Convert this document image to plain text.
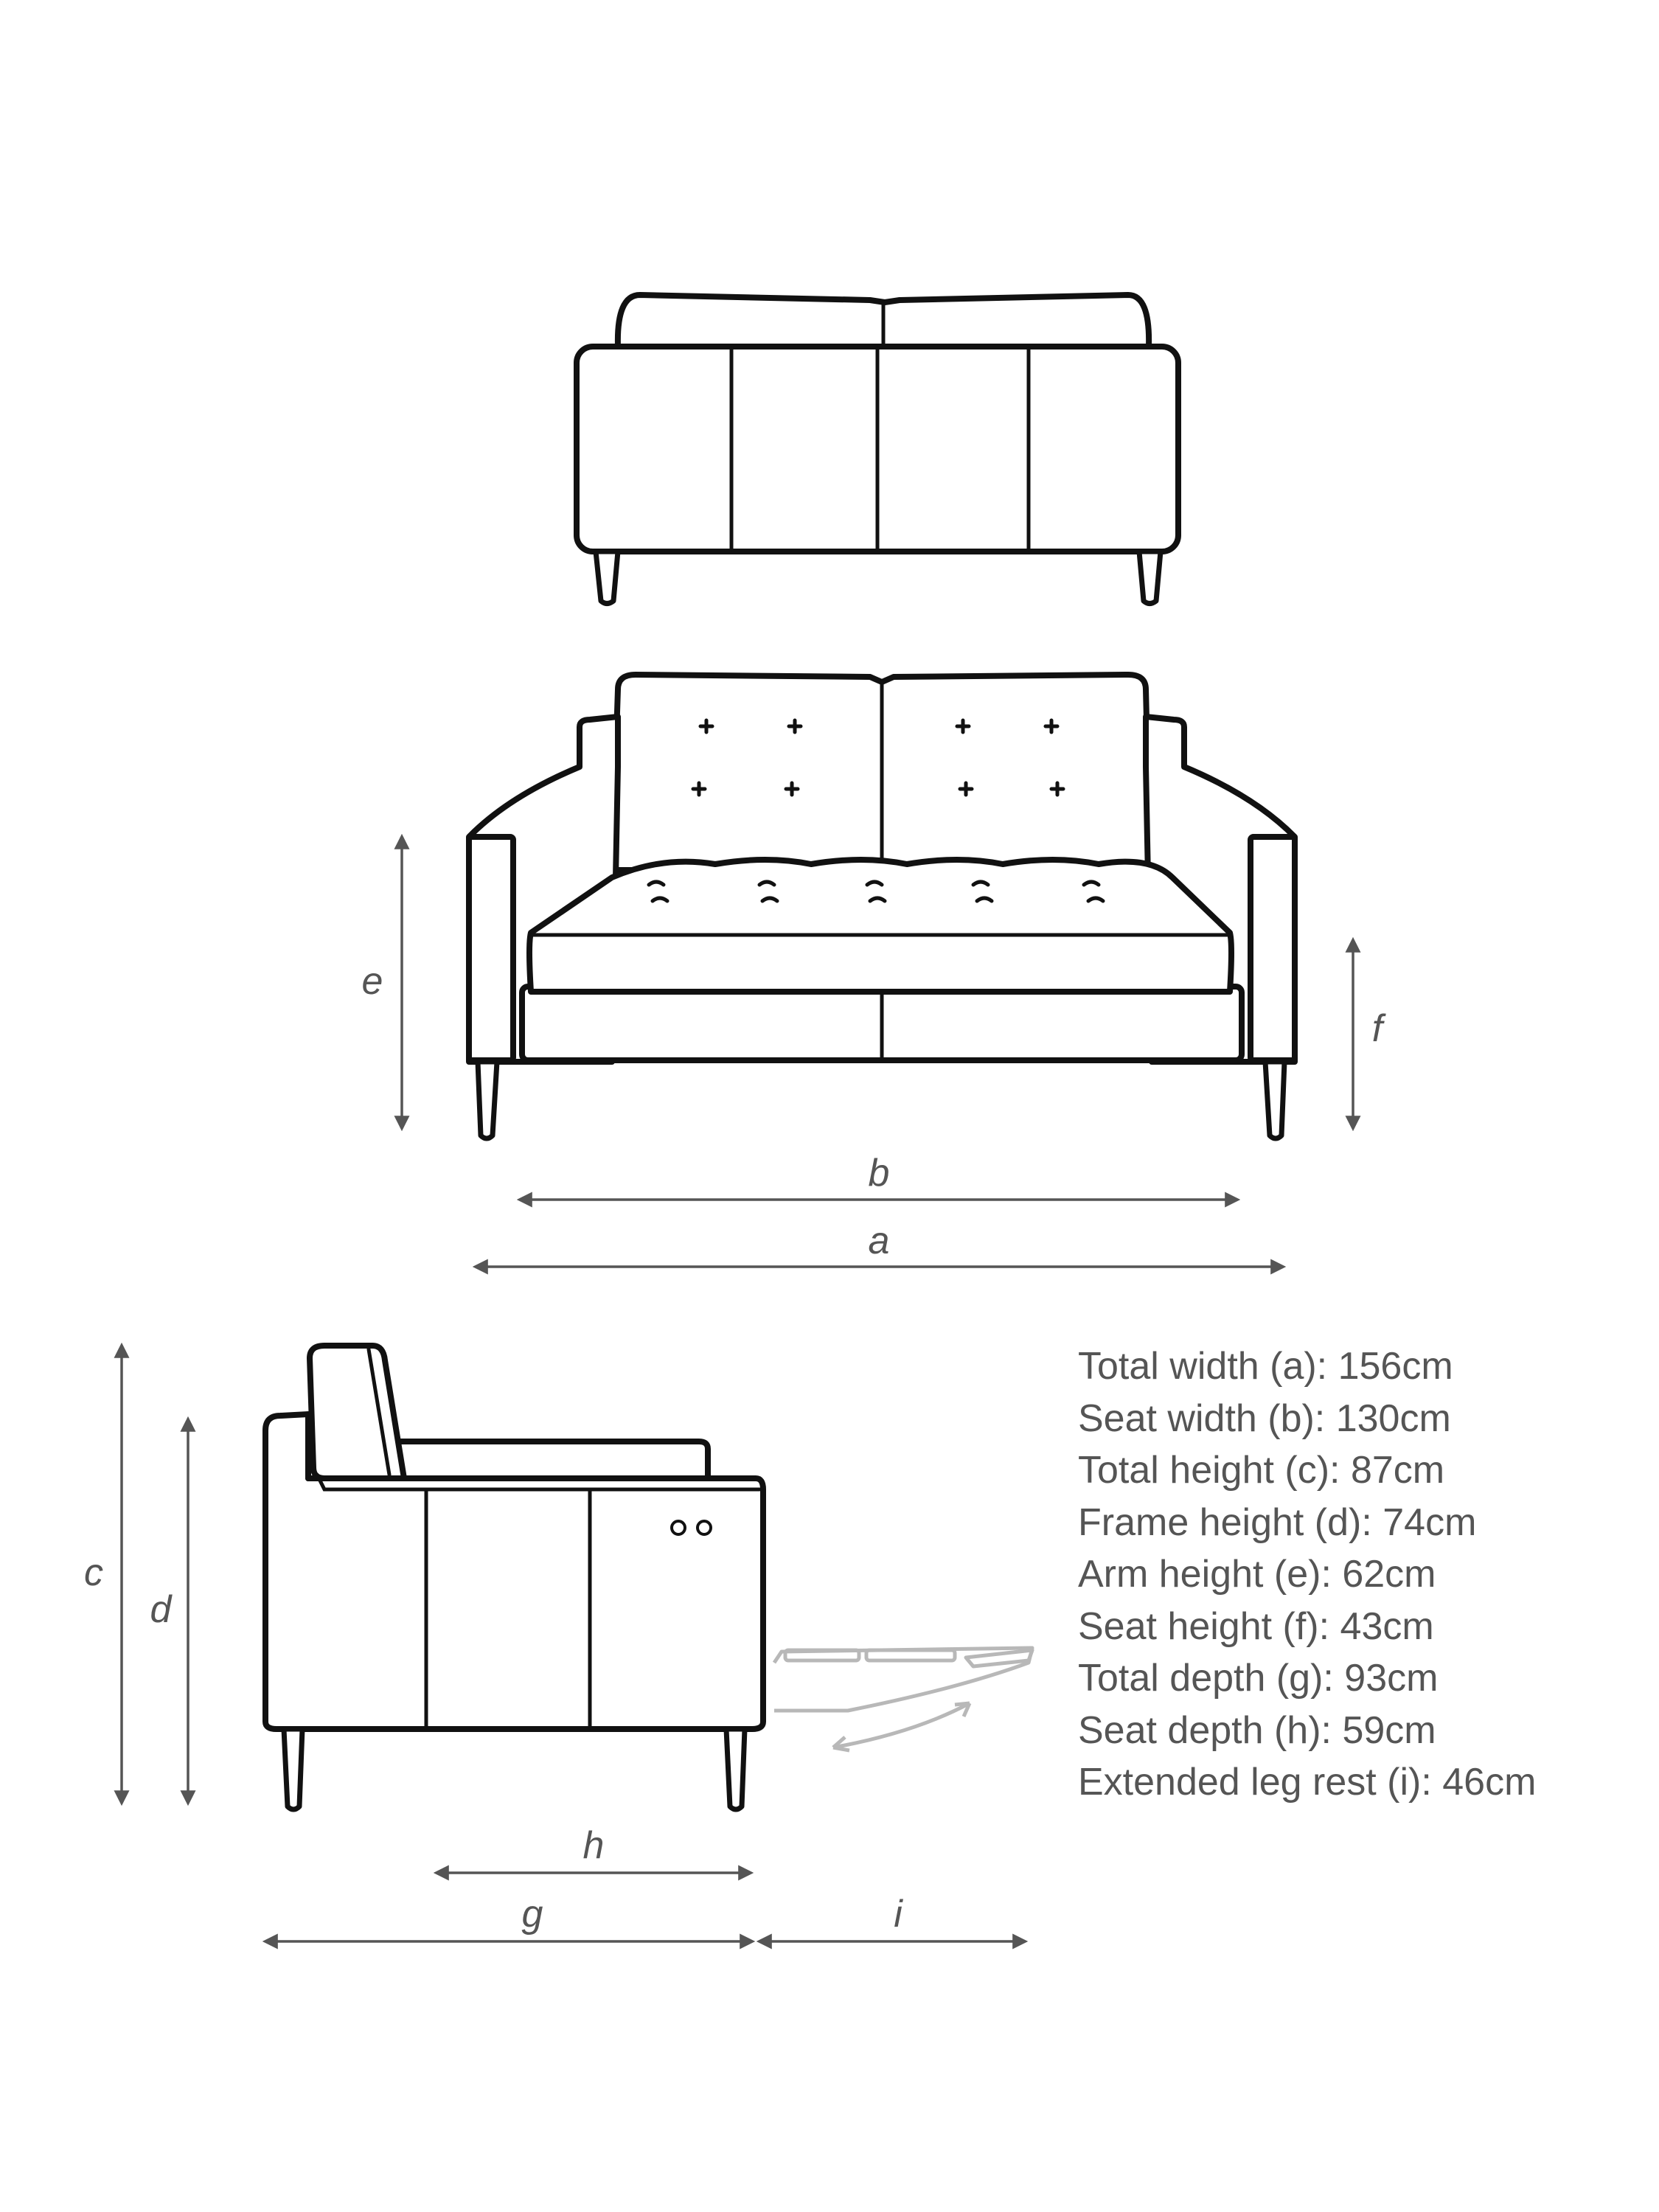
a
b
e
f
c
d
h
g	i
Total width (a): 156cm
Seat width (b): 130cm
Total height (c): 87cm
Frame height (d): 74cm
Arm height (e): 62cm
Seat height (f): 43cm
Total depth (g): 93cm
Seat depth (h): 59cm
Extended leg rest (i): 46cm
